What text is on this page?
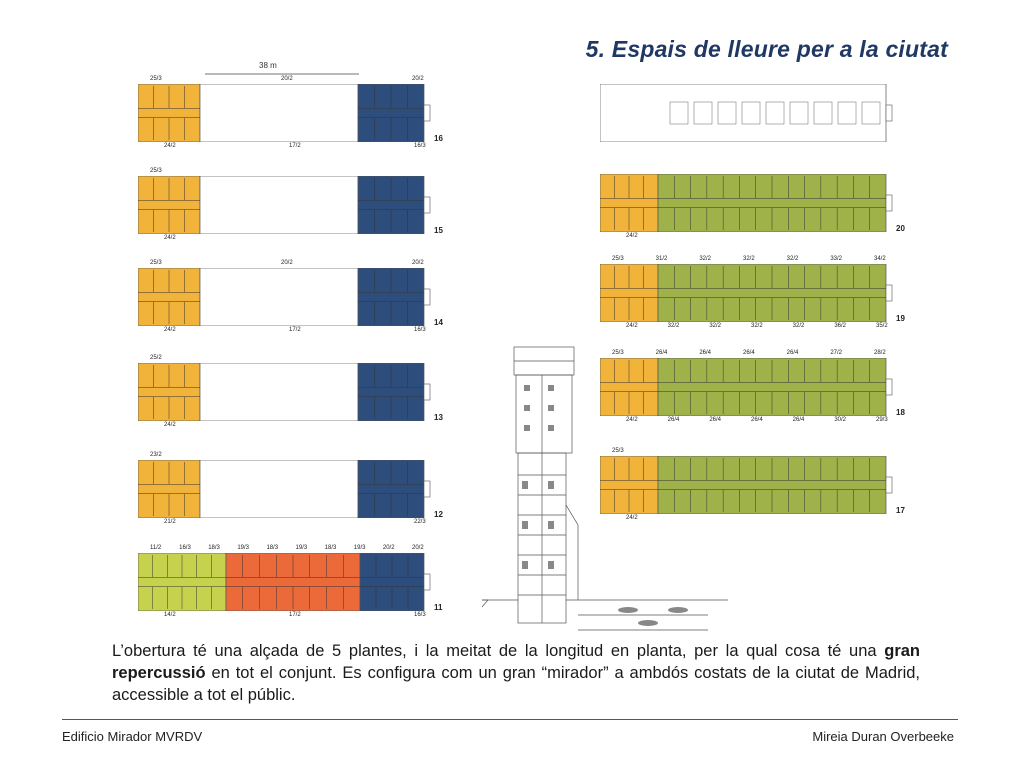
5. Espais de lleure per a la ciutat
38 m
25/3	20/2	20/2
24/2	17/2	16/3
16
25/3
24/2
15
25/3	20/2	20/2
24/2	17/2	16/3
14
25/2
24/2
13
23/2
21/2	22/3
12
11/2	16/3	18/3	19/3	18/3	19/3	18/3	19/3	20/2	20/2
14/2	17/2	16/3
11
24/2
20
25/3	31/2	32/2	32/2	32/2	33/2	34/2
24/2	32/2	32/2	32/2	32/2	36/2	35/2
19
25/3	26/4	26/4	26/4	26/4	27/2	28/2
24/2	26/4	26/4	26/4	26/4	30/2	29/3
18
25/3
24/2
17
L’obertura té una alçada de 5 plantes, i la meitat de la longitud en planta, per la qual cosa té una gran repercussió en tot el conjunt. Es configura com un gran “mirador” a ambdós costats de la ciutat de Madrid, accessible a tot el públic.
Edificio Mirador MVRDV	Mireia Duran Overbeeke
